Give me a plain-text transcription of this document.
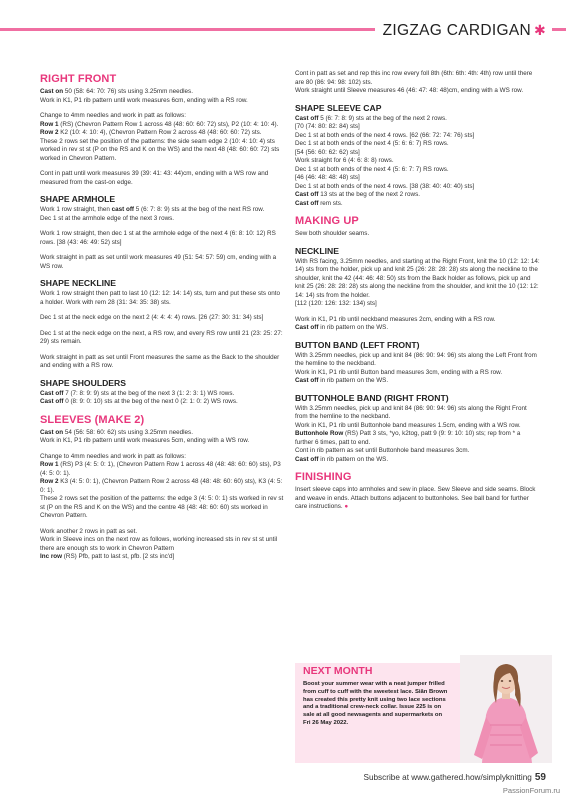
ZIGZAG CARDIGAN ✱
RIGHT FRONT

Cast on 50 (58: 64: 70: 76) sts using 3.25mm needles.
Work in K1, P1 rib pattern until work measures 6cm, ending with a RS row.

Change to 4mm needles and work in patt as follows:
Row 1 (RS) (Chevron Pattern Row 1 across 48 (48: 60: 60: 72) sts), P2 (10: 4: 10: 4).
Row 2 K2 (10: 4: 10: 4), (Chevron Pattern Row 2 across 48 (48: 60: 60: 72) sts.
These 2 rows set the position of the patterns: the side seam edge 2 (10: 4: 10: 4) sts worked in rev st st (P on the RS and K on the WS) and the next 48 (48: 60: 60: 72) sts worked in Chevron Pattern.

Cont in patt until work measures 39 (39: 41: 43: 44)cm, ending with a WS row and measured from the cast-on edge.

SHAPE ARMHOLE

Work 1 row straight, then cast off 5 (6: 7: 8: 9) sts at the beg of the next RS row.
Dec 1 st at the armhole edge of the next 3 rows.

Work 1 row straight, then dec 1 st at the armhole edge of the next 4 (6: 8: 10: 12) RS rows. [38 (43: 46: 49: 52) sts]

Work straight in patt as set until work measures 49 (51: 54: 57: 59) cm, ending with a WS row.

SHAPE NECKLINE

Work 1 row straight then patt to last 10 (12: 12: 14: 14) sts, turn and put these sts onto a holder. Work with rem 28 (31: 34: 35: 38) sts.

Dec 1 st at the neck edge on the next 2 (4: 4: 4: 4) rows. [26 (27: 30: 31: 34) sts]

Dec 1 st at the neck edge on the next, a RS row, and every RS row until 21 (23: 25: 27: 29) sts remain.

Work straight in patt as set until Front measures the same as the Back to the shoulder and ending with a RS row.

SHAPE SHOULDERS

Cast off 7 (7: 8: 9: 9) sts at the beg of the next 3 (1: 2: 3: 1) WS rows.
Cast off 0 (8: 9: 0: 10) sts at the beg of the next 0 (2: 1: 0: 2) WS rows.

SLEEVES (MAKE 2)

Cast on 54 (56: 58: 60: 62) sts using 3.25mm needles.
Work in K1, P1 rib pattern until work measures 5cm, ending with a WS row.

Change to 4mm needles and work in patt as follows:
Row 1 (RS) P3 (4: 5: 0: 1), (Chevron Pattern Row 1 across 48 (48: 48: 60: 60) sts), P3 (4: 5: 0: 1).
Row 2 K3 (4: 5: 0: 1), (Chevron Pattern Row 2 across 48 (48: 48: 60: 60) sts), K3 (4: 5: 0: 1).
These 2 rows set the position of the patterns: the edge 3 (4: 5: 0: 1) sts worked in rev st st (P on the RS and K on the WS) and the centre 48 (48: 48: 60: 60) sts worked in Chevron Pattern.

Work another 2 rows in patt as set.
Work in Sleeve incs on the next row as follows, working increased sts in rev st st until there are enough sts to work in Chevron Pattern
Inc row (RS) Pfb, patt to last st, pfb. [2 sts inc'd]

Cont in patt as set and rep this inc row every foll 8th (6th: 6th: 4th: 4th) row until there are 80 (86: 94: 98: 102) sts.
Work straight until Sleeve measures 46 (46: 47: 48: 48)cm, ending with a WS row.

SHAPE SLEEVE CAP

Cast off 5 (6: 7: 8: 9) sts at the beg of the next 2 rows.
[70 (74: 80: 82: 84) sts]
Dec 1 st at both ends of the next 4 rows. [62 (66: 72: 74: 76) sts]
Dec 1 st at both ends of the next 4 (5: 6: 6: 7) RS rows.
[54 (56: 60: 62: 62) sts]
Work straight for 6 (4: 6: 8: 8) rows.
Dec 1 st at both ends of the next 4 (5: 6: 7: 7) RS rows.
[46 (46: 48: 48: 48) sts]
Dec 1 st at both ends of the next 4 rows. [38 (38: 40: 40: 40) sts]
Cast off 13 sts at the beg of the next 2 rows.
Cast off rem sts.

MAKING UP

Sew both shoulder seams.

NECKLINE

With RS facing, 3.25mm needles, and starting at the Right Front, knit the 10 (12: 12: 14: 14) sts from the holder, pick up and knit 25 (26: 28: 28: 28) sts along the neckline to the shoulder, knit the 42 (44: 46: 48: 50) sts from the Back holder as follows, pick up and knit 25 (26: 28: 28: 28) sts along the neckline from the shoulder, and knit the 10 (12: 12: 14: 14) sts from the holder.
[112 (120: 126: 132: 134) sts]

Work in K1, P1 rib until neckband measures 2cm, ending with a RS row.
Cast off in rib pattern on the WS.

BUTTON BAND (LEFT FRONT)

With 3.25mm needles, pick up and knit 84 (86: 90: 94: 96) sts along the Left Front from the hemline to the neckband.
Work in K1, P1 rib until Button band measures 3cm, ending with a RS row.
Cast off in rib pattern on the WS.

BUTTONHOLE BAND (RIGHT FRONT)

With 3.25mm needles, pick up and knit 84 (86: 90: 94: 96) sts along the Right Front from the hemline to the neckband.
Work in K1, P1 rib until Buttonhole band measures 1.5cm, ending with a WS row.
Buttonhole Row (RS) Patt 3 sts, *yo, k2tog, patt 9 (9: 9: 10: 10) sts; rep from * a further 6 times, patt to end.
Cont in rib pattern as set until Buttonhole band measures 3cm.
Cast off in rib pattern on the WS.

FINISHING

Insert sleeve caps into armholes and sew in place. Sew Sleeve and side seams. Block and weave in ends. Attach buttons adjacent to buttonholes. See ball band for further care instructions. ●

NEXT MONTH
Boost your summer wear with a neat jumper frilled from cuff to cuff with the sweetest lace. Siân Brown has created this pretty knit using two lace sections and a traditional crew-neck collar. Issue 225 is on sale at all good newsagents and supermarkets on Fri 26 May 2022.
Subscribe at www.gathered.how/simplyknitting 59
PassionForum.ru
